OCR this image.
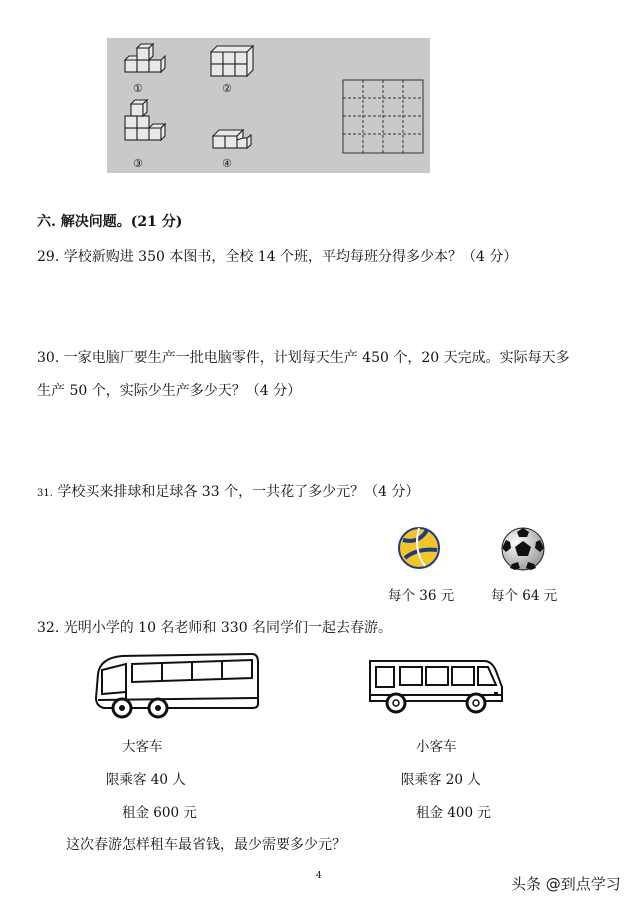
①	②
③	④
六. 解决问题。(21 分)
29. 学校新购进 350 本图书，全校 14 个班，平均每班分得多少本？（4 分）
30. 一家电脑厂要生产一批电脑零件，计划每天生产 450 个，20 天完成。实际每天多
生产 50 个，实际少生产多少天？（4 分）
31. 学校买来排球和足球各 33 个，一共花了多少元？（4 分）
每个 36 元	每个 64 元
32. 光明小学的 10 名老师和 330 名同学们一起去春游。
大客车
限乘客 40 人
租金 600 元
小客车
限乘客 20 人
租金 400 元
这次春游怎样租车最省钱，最少需要多少元？
4	头条 @到点学习
